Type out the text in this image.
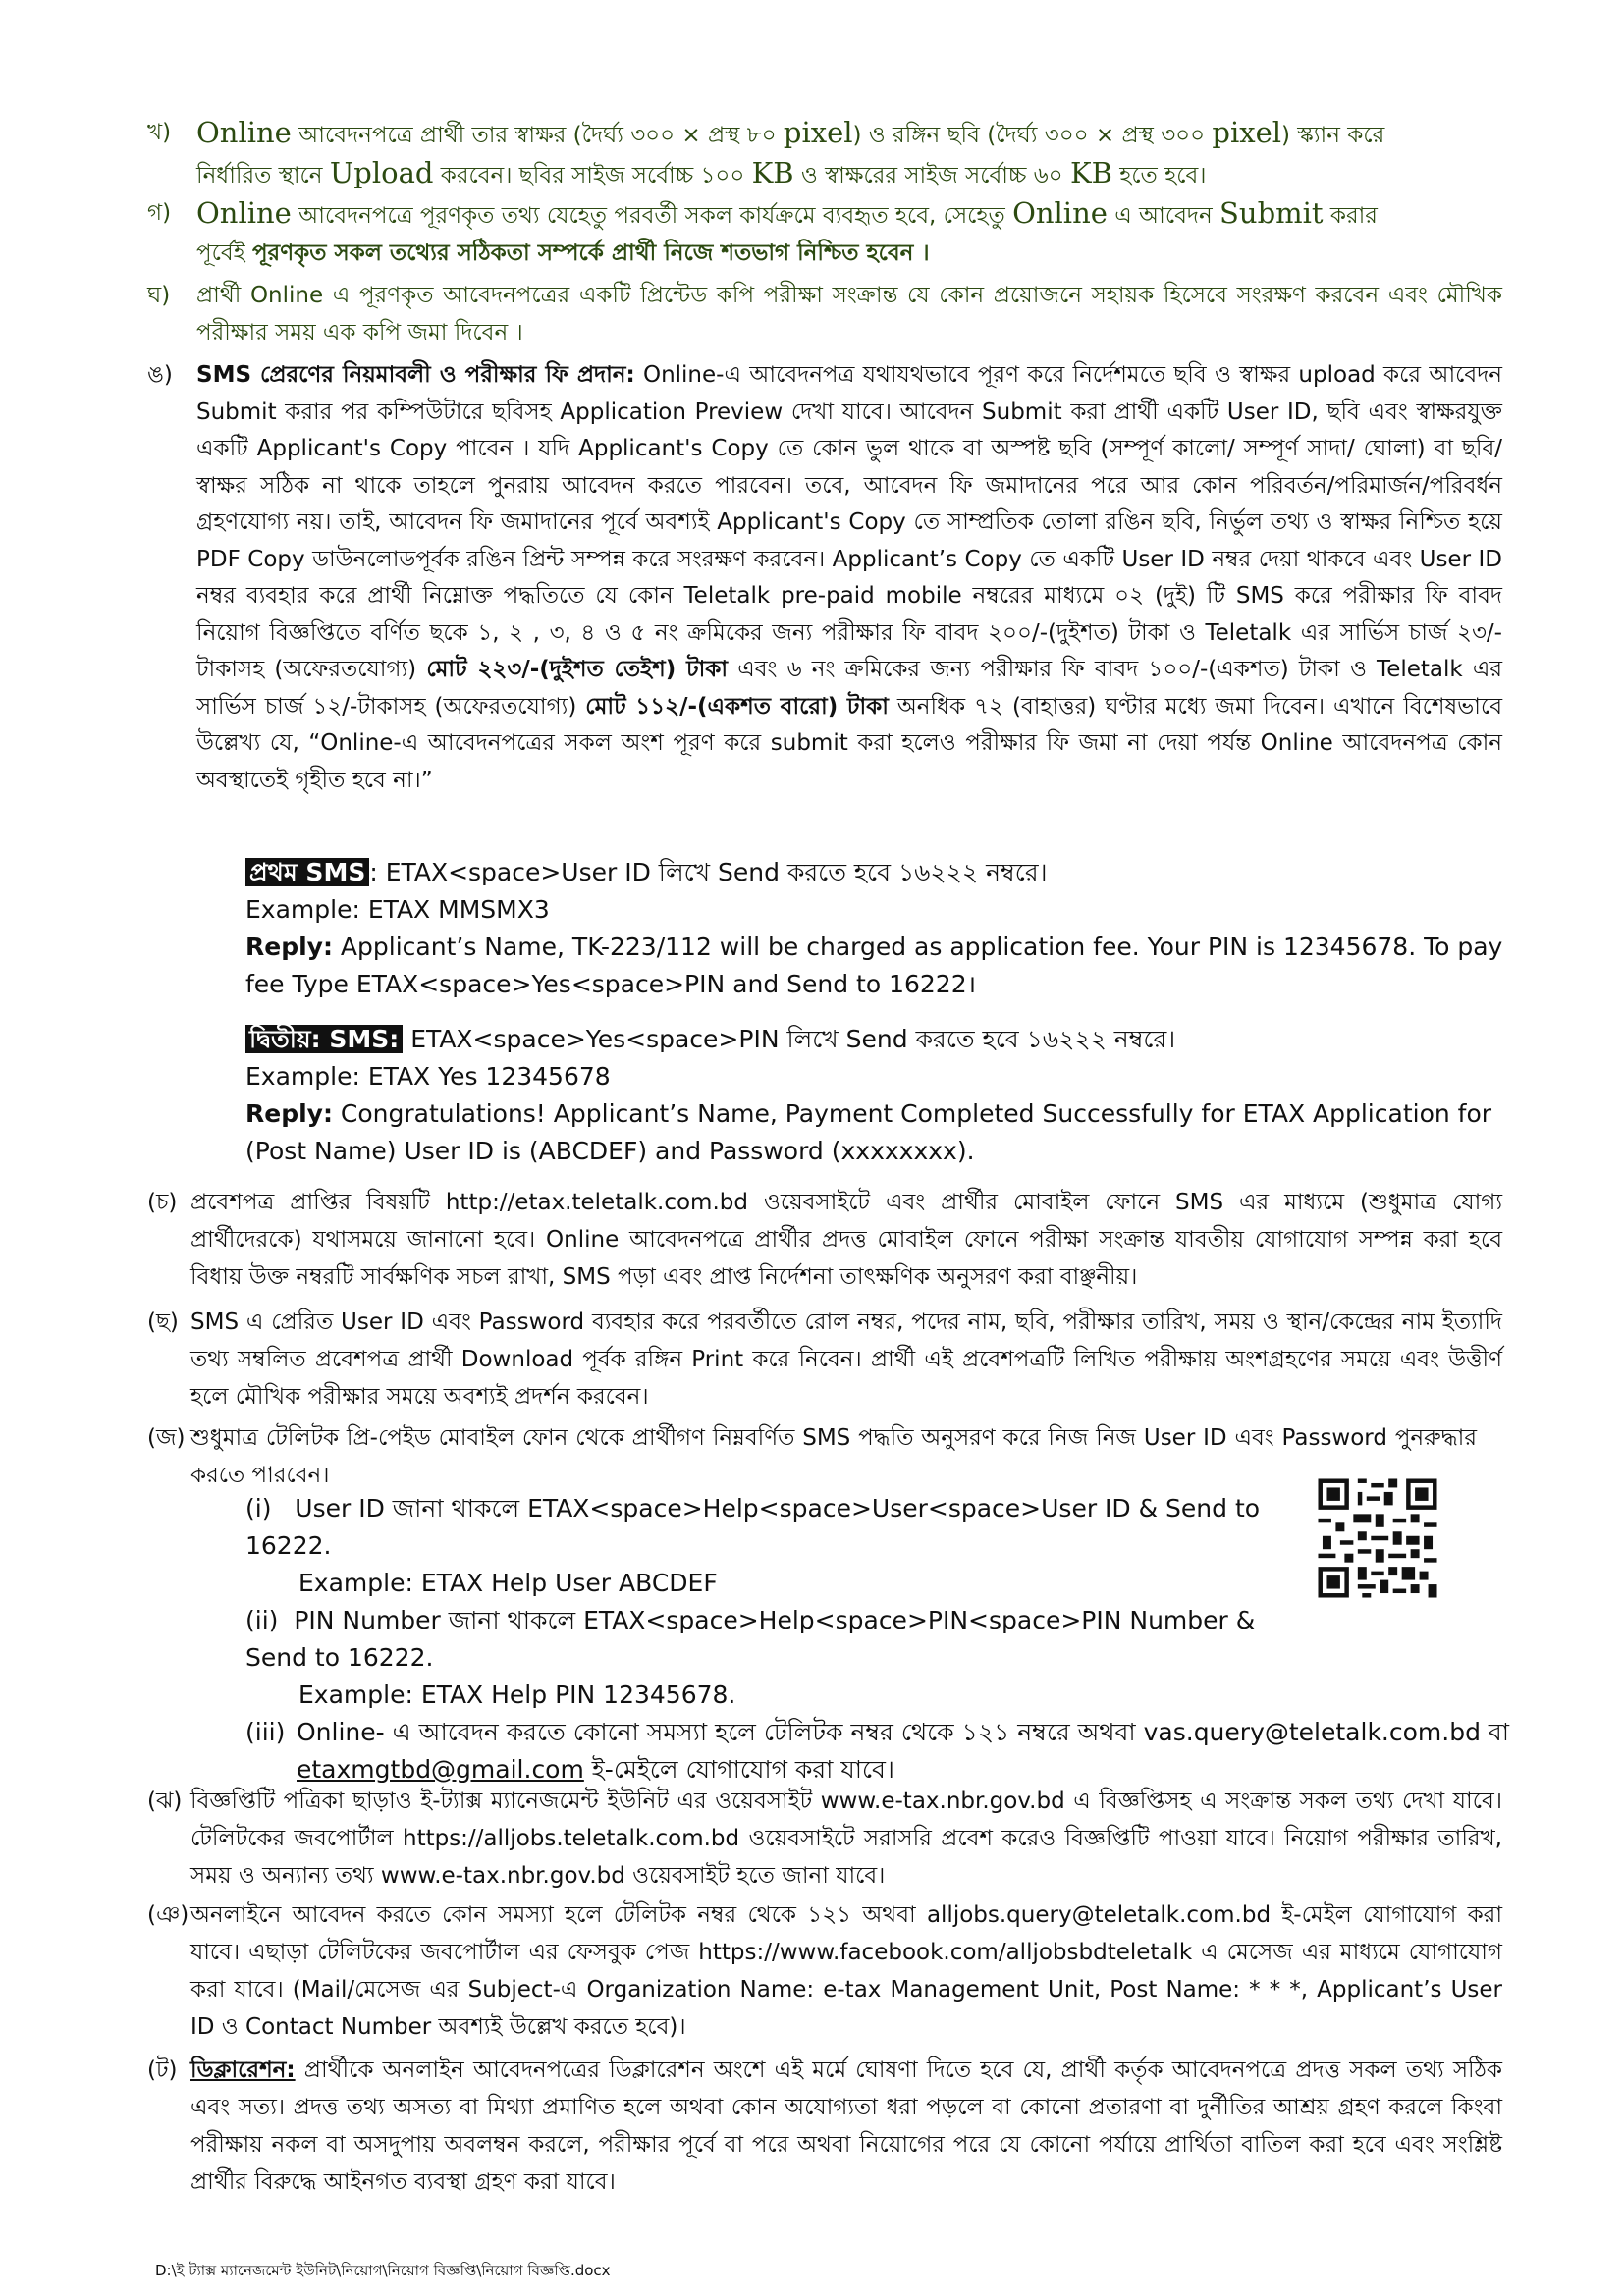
খ) Online আবেদনপত্রে প্রার্থী তার স্বাক্ষর (দৈর্ঘ্য ৩০০ × প্রস্থ ৮০ pixel) ও রঙ্গিন ছবি (দৈর্ঘ্য ৩০০ × প্রস্থ ৩০০ pixel) স্ক্যান করে
নির্ধারিত স্থানে Upload করবেন। ছবির সাইজ সর্বোচ্চ ১০০ KB ও স্বাক্ষরের সাইজ সর্বোচ্চ ৬০ KB হতে হবে।
গ) Online আবেদনপত্রে পূরণকৃত তথ্য যেহেতু পরবর্তী সকল কার্যক্রমে ব্যবহৃত হবে, সেহেতু Online এ আবেদন Submit করার
পূর্বেই পূরণকৃত সকল তথ্যের সঠিকতা সম্পর্কে প্রার্থী নিজে শতভাগ নিশ্চিত হবেন ।
ঘ)	প্রার্থী Online এ পূরণকৃত আবেদনপত্রের একটি প্রিন্টেড কপি পরীক্ষা সংক্রান্ত যে কোন প্রয়োজনে সহায়ক হিসেবে সংরক্ষণ করবেন এবং মৌখিক পরীক্ষার সময় এক কপি জমা দিবেন ।
ঙ)	SMS প্রেরণের নিয়মাবলী ও পরীক্ষার ফি প্রদান: Online-এ আবেদনপত্র যথাযথভাবে পূরণ করে নির্দেশমতে ছবি ও স্বাক্ষর upload করে আবেদন Submit করার পর কম্পিউটারে ছবিসহ Application Preview দেখা যাবে। আবেদন Submit করা প্রার্থী একটি User ID, ছবি এবং স্বাক্ষরযুক্ত একটি Applicant's Copy পাবেন । যদি Applicant's Copy তে কোন ভুল থাকে বা অস্পষ্ট ছবি (সম্পূর্ণ কালো/ সম্পূর্ণ সাদা/ ঘোলা) বা ছবি/ স্বাক্ষর সঠিক না থাকে তাহলে পুনরায় আবেদন করতে পারবেন। তবে, আবেদন ফি জমাদানের পরে আর কোন পরিবর্তন/পরিমার্জন/পরিবর্ধন গ্রহণযোগ্য নয়। তাই, আবেদন ফি জমাদানের পূর্বে অবশ্যই Applicant's Copy তে সাম্প্রতিক তোলা রঙিন ছবি, নির্ভুল তথ্য ও স্বাক্ষর নিশ্চিত হয়ে PDF Copy ডাউনলোডপূর্বক রঙিন প্রিন্ট সম্পন্ন করে সংরক্ষণ করবেন। Applicant’s Copy তে একটি User ID নম্বর দেয়া থাকবে এবং User ID নম্বর ব্যবহার করে প্রার্থী নিম্নোক্ত পদ্ধতিতে যে কোন Teletalk pre-paid mobile নম্বরের মাধ্যমে ০২ (দুই) টি SMS করে পরীক্ষার ফি বাবদ নিয়োগ বিজ্ঞপ্তিতে বর্ণিত ছকে ১, ২ , ৩, ৪ ও ৫ নং ক্রমিকের জন্য পরীক্ষার ফি বাবদ ২০০/-(দুইশত) টাকা ও Teletalk এর সার্ভিস চার্জ ২৩/-টাকাসহ (অফেরতযোগ্য) মোট ২২৩/-(দুইশত তেইশ) টাকা এবং ৬ নং ক্রমিকের জন্য পরীক্ষার ফি বাবদ ১০০/-(একশত) টাকা ও Teletalk এর সার্ভিস চার্জ ১২/-টাকাসহ (অফেরতযোগ্য) মোট ১১২/-(একশত বারো) টাকা অনধিক ৭২ (বাহাত্তর) ঘণ্টার মধ্যে জমা দিবেন। এখানে বিশেষভাবে উল্লেখ্য যে, “Online-এ আবেদনপত্রের সকল অংশ পূরণ করে submit করা হলেও পরীক্ষার ফি জমা না দেয়া পর্যন্ত Online আবেদনপত্র কোন অবস্থাতেই গৃহীত হবে না।”
প্রথম SMS : ETAX<space>User ID লিখে Send করতে হবে ১৬২২২ নম্বরে।
Example: ETAX MMSMX3
Reply: Applicant’s Name, TK-223/112 will be charged as application fee. Your PIN is 12345678. To pay fee Type ETAX<space>Yes<space>PIN and Send to 16222।
দ্বিতীয়: SMS: ETAX<space>Yes<space>PIN লিখে Send করতে হবে ১৬২২২ নম্বরে।
Example: ETAX Yes 12345678
Reply: Congratulations! Applicant’s Name, Payment Completed Successfully for ETAX Application for (Post Name) User ID is (ABCDEF) and Password (xxxxxxxx).
(চ) প্রবেশপত্র প্রাপ্তির বিষয়টি http://etax.teletalk.com.bd ওয়েবসাইটে এবং প্রার্থীর মোবাইল ফোনে SMS এর মাধ্যমে (শুধুমাত্র যোগ্য প্রার্থীদেরকে) যথাসময়ে জানানো হবে। Online আবেদনপত্রে প্রার্থীর প্রদত্ত মোবাইল ফোনে পরীক্ষা সংক্রান্ত যাবতীয় যোগাযোগ সম্পন্ন করা হবে বিধায় উক্ত নম্বরটি সার্বক্ষণিক সচল রাখা, SMS পড়া এবং প্রাপ্ত নির্দেশনা তাৎক্ষণিক অনুসরণ করা বাঞ্ছনীয়।
(ছ) SMS এ প্রেরিত User ID এবং Password ব্যবহার করে পরবর্তীতে রোল নম্বর, পদের নাম, ছবি, পরীক্ষার তারিখ, সময় ও স্থান/কেন্দ্রের নাম ইত্যাদি তথ্য সম্বলিত প্রবেশপত্র প্রার্থী Download পূর্বক রঙ্গিন Print করে নিবেন। প্রার্থী এই প্রবেশপত্রটি লিখিত পরীক্ষায় অংশগ্রহণের সময়ে এবং উত্তীর্ণ হলে মৌখিক পরীক্ষার সময়ে অবশ্যই প্রদর্শন করবেন।
(জ) শুধুমাত্র টেলিটক প্রি-পেইড মোবাইল ফোন থেকে প্রার্থীগণ নিম্নবর্ণিত SMS পদ্ধতি অনুসরণ করে নিজ নিজ User ID এবং Password পুনরুদ্ধার করতে পারবেন।
(i) User ID জানা থাকলে ETAX<space>Help<space>User<space>User ID & Send to
16222.
Example: ETAX Help User ABCDEF
(ii) PIN Number জানা থাকলে ETAX<space>Help<space>PIN<space>PIN Number &
Send to 16222.
Example: ETAX Help PIN 12345678.
(iii) Online- এ আবেদন করতে কোনো সমস্যা হলে টেলিটক নম্বর থেকে ১২১ নম্বরে অথবা vas.query@teletalk.com.bd বা
etaxmgtbd@gmail.com ই-মেইলে যোগাযোগ করা যাবে।
(ঝ) বিজ্ঞপ্তিটি পত্রিকা ছাড়াও ই-ট্যাক্স ম্যানেজমেন্ট ইউনিট এর ওয়েবসাইট www.e-tax.nbr.gov.bd এ বিজ্ঞপ্তিসহ এ সংক্রান্ত সকল তথ্য দেখা যাবে। টেলিটকের জবপোর্টাল https://alljobs.teletalk.com.bd ওয়েবসাইটে সরাসরি প্রবেশ করেও বিজ্ঞপ্তিটি পাওয়া যাবে। নিয়োগ পরীক্ষার তারিখ, সময় ও অন্যান্য তথ্য www.e-tax.nbr.gov.bd ওয়েবসাইট হতে জানা যাবে।
(ঞ) অনলাইনে আবেদন করতে কোন সমস্যা হলে টেলিটক নম্বর থেকে ১২১ অথবা alljobs.query@teletalk.com.bd ই-মেইল যোগাযোগ করা যাবে। এছাড়া টেলিটকের জবপোর্টাল এর ফেসবুক পেজ https://www.facebook.com/alljobsbdteletalk এ মেসেজ এর মাধ্যমে যোগাযোগ করা যাবে। (Mail/মেসেজ এর Subject-এ Organization Name: e-tax Management Unit, Post Name: * * *, Applicant’s User ID ও Contact Number অবশ্যই উল্লেখ করতে হবে)।
(ট) ডিক্লারেশন: প্রার্থীকে অনলাইন আবেদনপত্রের ডিক্লারেশন অংশে এই মর্মে ঘোষণা দিতে হবে যে, প্রার্থী কর্তৃক আবেদনপত্রে প্রদত্ত সকল তথ্য সঠিক এবং সত্য। প্রদত্ত তথ্য অসত্য বা মিথ্যা প্রমাণিত হলে অথবা কোন অযোগ্যতা ধরা পড়লে বা কোনো প্রতারণা বা দুর্নীতির আশ্রয় গ্রহণ করলে কিংবা পরীক্ষায় নকল বা অসদুপায় অবলম্বন করলে, পরীক্ষার পূর্বে বা পরে অথবা নিয়োগের পরে যে কোনো পর্যায়ে প্রার্থিতা বাতিল করা হবে এবং সংশ্লিষ্ট প্রার্থীর বিরুদ্ধে আইনগত ব্যবস্থা গ্রহণ করা যাবে।
D:\ই ট্যাক্স ম্যানেজমেন্ট ইউনিট\নিয়োগ\নিয়োগ বিজ্ঞপ্তি\নিয়োগ বিজ্ঞপ্তি.docx
